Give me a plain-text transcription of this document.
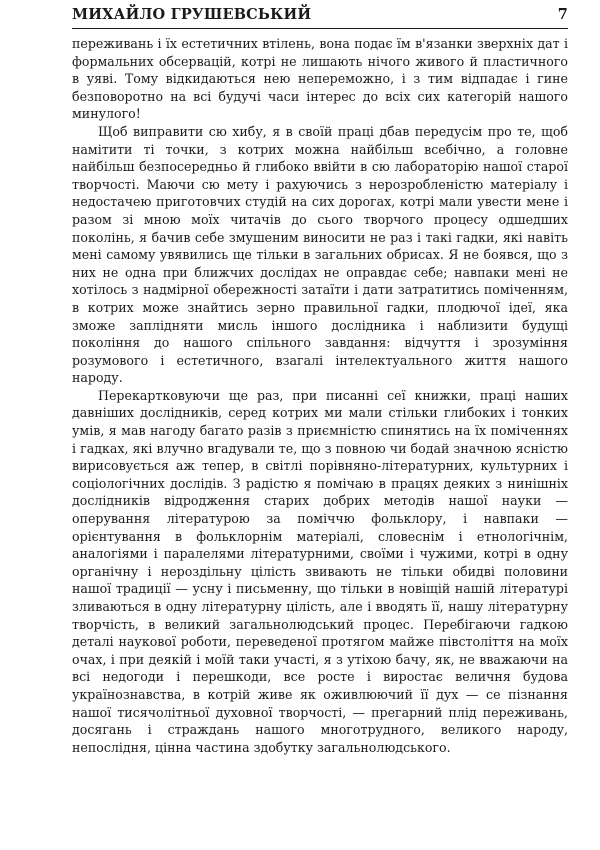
МИХАЙЛО ГРУШЕВСЬКИЙ	7

переживань і їх естетичних втілень, вона подає їм в'язанки зверхніх дат і формальних обсервацій, котрі не лишають нічого живого й пластичного в уяві. Тому відкидаються нею непереможно, і з тим відпадає і гине безповоротно на всі будучі часи інтерес до всіх сих категорій нашого минулого!

Щоб виправити сю хибу, я в своїй праці дбав передусім про те, щоб намітити ті точки, з котрих можна найбільш всебічно, а головне найбільш безпосередньо й глибоко ввійти в сю лабораторію нашої старої творчості. Маючи сю мету і рахуючись з нерозробленістю матеріалу і недостачею приготовчих студій на сих дорогах, котрі мали увести мене і разом зі мною моїх читачів до сього творчого процесу одшедших поколінь, я бачив себе змушеним виносити не раз і такі гадки, які навіть мені самому увявились ще тільки в загальних обрисах. Я не боявся, що з них не одна при ближчих дослідах не оправдає себе; навпаки мені не хотілось з надмірної обережності затаїти і дати затратитись поміченням, в котрих може знайтись зерно правильної гадки, плодючої ідеї, яка зможе заплідняти мисль іншого дослідника і наблизити будущі покоління до нашого спільного завдання: відчуття і зрозуміння розумового і естетичного, взагалі інтелектуального життя нашого народу.

Перекартковуючи ще раз, при писанні сеї книжки, праці наших давніших дослідників, серед котрих ми мали стільки глибоких і тонких умів, я мав нагоду багато разів з приємністю спинятись на їх поміченнях і гадках, які влучно вгадували те, що з повною чи бодай значною ясністю вирисовується аж тепер, в світлі порівняно-літературних, культурних і соціологічних дослідів. З радістю я помічаю в працях деяких з нинішніх дослідників відродження старих добрих методів нашої науки — оперування літературою за поміччю фольклору, і навпаки — орієнтування в фольклорнім матеріалі, словеснім і етнологічнім, аналогіями і паралелями літературними, своїми і чужими, котрі в одну органічну і нероздільну цілість звивають не тільки обидві половини нашої традиції — усну і письменну, що тільки в новіщій нашій літературі зливаються в одну літературну цілість, але і вводять її, нашу літературну творчість, в великий загальнолюдський процес. Перебігаючи гадкою деталі наукової роботи, переведеної протягом майже півстоліття на моїх очах, і при деякій і моїй таки участі, я з утіхою бачу, як, не вважаючи на всі недогоди і перешкоди, все росте і виростає величня будова українознавства, в котрій живе як оживлюючий її дух — се пізнання нашої тисячолітньої духовної творчості, — прегарний плід переживань, досягань і страждань нашого многотрудного, великого народу, непослідня, цінна частина здобутку загальнолюдського.
